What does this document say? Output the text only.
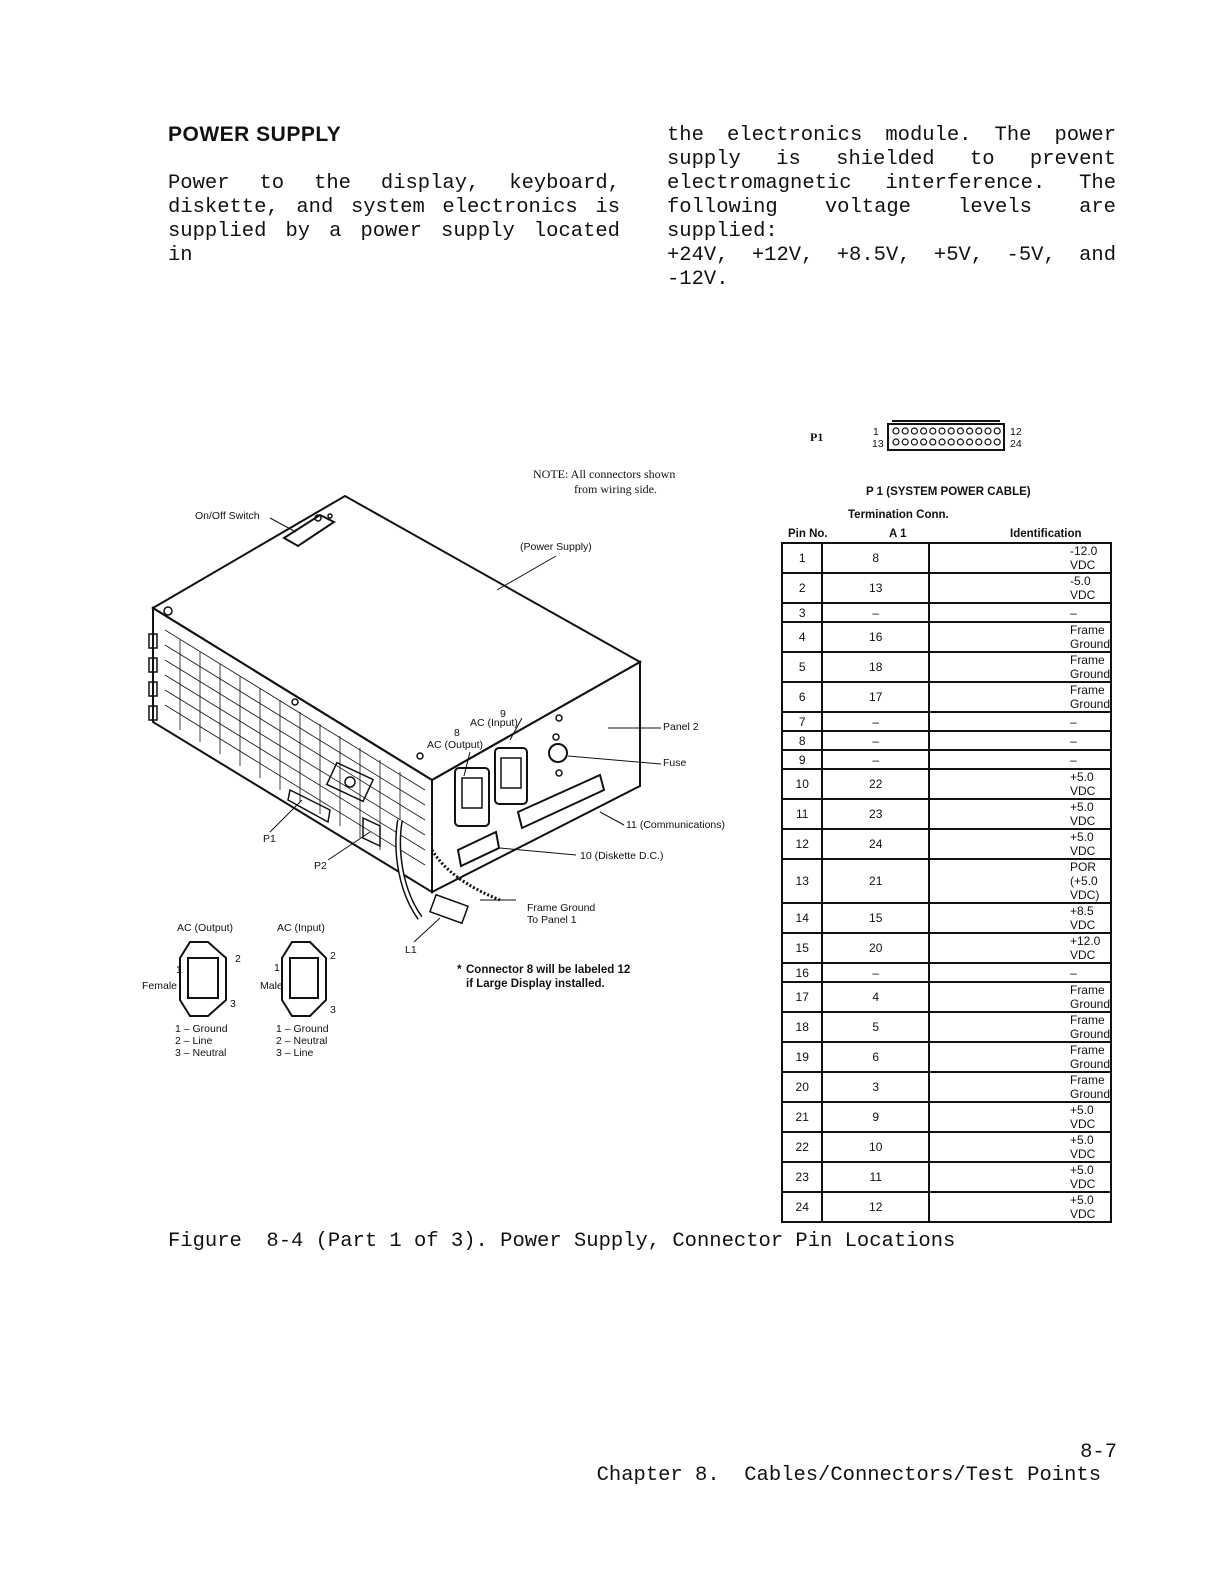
POWER SUPPLY
Power to the display, keyboard,
diskette, and system electronics is
supplied by a power supply located in
the electronics module. The power
supply is shielded to prevent
electromagnetic interference. The
following voltage levels are supplied:
+24V, +12V, +8.5V, +5V, -5V, and -12V.
NOTE: All connectors shown
from wiring side.
On/Off Switch
(Power Supply)
Panel 2
Fuse
9
AC (Input)
8
AC (Output)
11 (Communications)
10 (Diskette D.C.)
P1
P2
Frame Ground
To Panel 1
L1
* Connector 8 will be labeled 12
if Large Display installed.
AC (Output)	AC (Input)
Female	Male
1
2
3
1
2
3
1 – Ground
2 – Line
3 – Neutral
1 – Ground
2 – Neutral
3 – Line
P1	1
13
12
24
P 1 (SYSTEM POWER CABLE)
Termination Conn.
Pin No.	A 1	Identification
1	8	-12.0 VDC
2	13	-5.0 VDC
3	–	–
4	16	Frame Ground
5	18	Frame Ground
6	17	Frame Ground
7	–	–
8	–	–
9	–	–
10	22	+5.0 VDC
11	23	+5.0 VDC
12	24	+5.0 VDC
13	21	POR (+5.0 VDC)
14	15	+8.5 VDC
15	20	+12.0 VDC
16	–	–
17	4	Frame Ground
18	5	Frame Ground
19	6	Frame Ground
20	3	Frame Ground
21	9	+5.0 VDC
22	10	+5.0 VDC
23	11	+5.0 VDC
24	12	+5.0 VDC
Figure  8-4 (Part 1 of 3). Power Supply, Connector Pin Locations

Chapter 8.  Cables/Connectors/Test Points

8-7
